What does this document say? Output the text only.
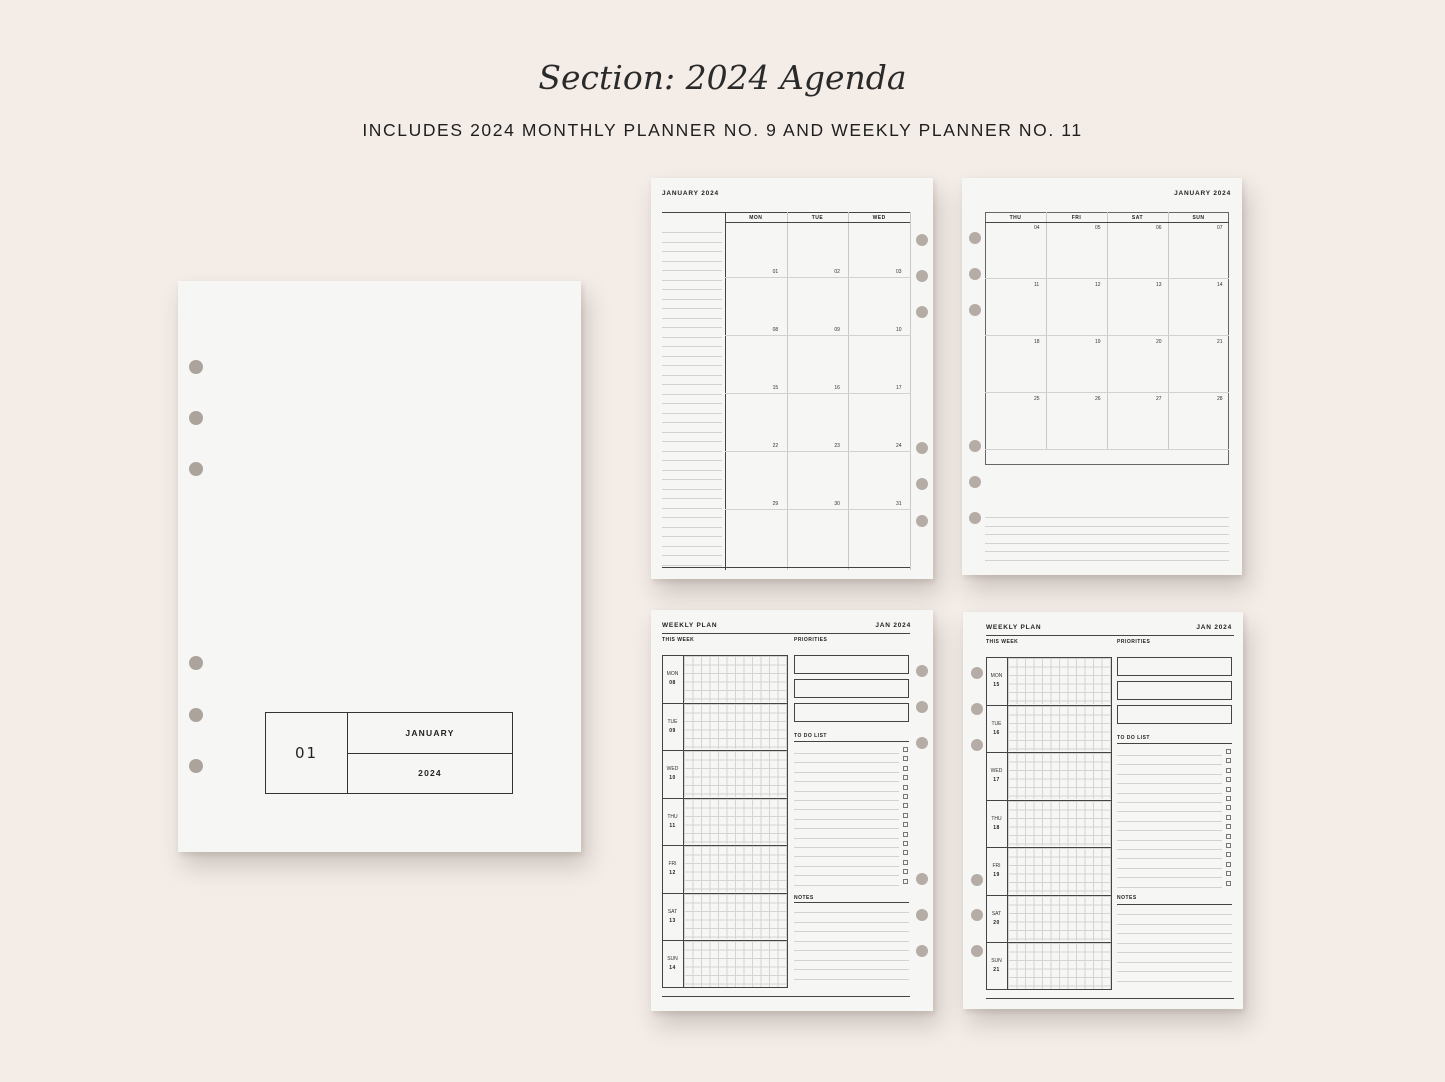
Section: 2024 Agenda
INCLUDES 2024 MONTHLY PLANNER NO. 9 AND WEEKLY PLANNER NO. 11
01
JANUARY
2024
JANUARY 2024
MON	TUE	WED
01	02	03
08	09	10
15	16	17
22	23	24
29	30	31
JANUARY 2024
THU	FRI	SAT	SUN
04	05	06	07
11	12	13	14
18	19	20	21
25	26	27	28
WEEKLY PLAN	JAN 2024
THIS WEEK	PRIORITIES
TO DO LIST
NOTES
MON
08
TUE
09
WED
10
THU
11
FRI
12
SAT
13
SUN
14
WEEKLY PLAN	JAN 2024
THIS WEEK	PRIORITIES
TO DO LIST
NOTES
MON
15
TUE
16
WED
17
THU
18
FRI
19
SAT
20
SUN
21
